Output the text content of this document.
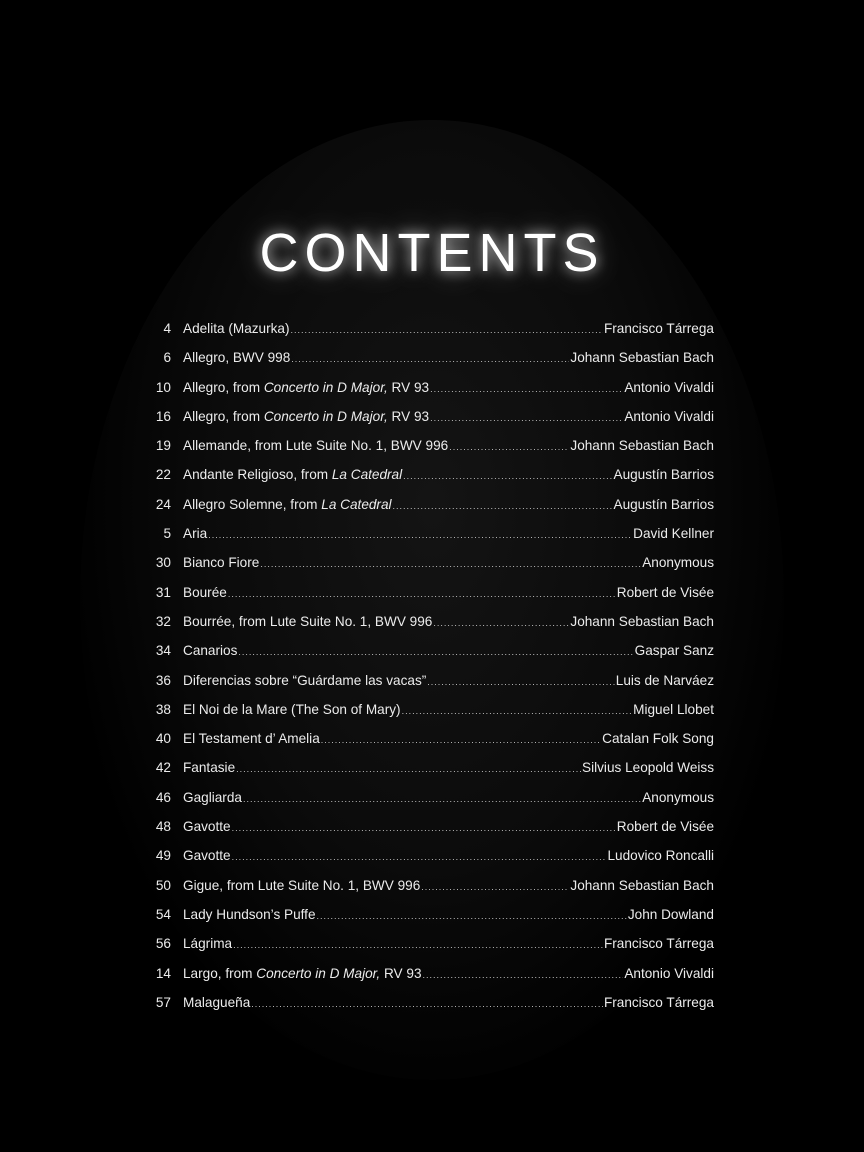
CONTENTS
4 Adelita (Mazurka) .....	Francisco Tárrega
6 Allegro, BWV 998 .....	Johann Sebastian Bach
10 Allegro, from Concerto in D Major, RV 93 .....	Antonio Vivaldi
16 Allegro, from Concerto in D Major, RV 93 .....	Antonio Vivaldi
19 Allemande, from Lute Suite No. 1, BWV 996 .....	Johann Sebastian Bach
22 Andante Religioso, from La Catedral .....	Augustín Barrios
24 Allegro Solemne, from La Catedral .....	Augustín Barrios
5 Aria .....	David Kellner
30 Bianco Fiore .....	Anonymous
31 Bourée .....	Robert de Visée
32 Bourrée, from Lute Suite No. 1, BWV 996 .....	Johann Sebastian Bach
34 Canarios .....	Gaspar Sanz
36 Diferencias sobre “Guárdame las vacas” .....	Luis de Narváez
38 El Noi de la Mare (The Son of Mary) .....	Miguel Llobet
40 El Testament d’ Amelia .....	Catalan Folk Song
42 Fantasie .....	Silvius Leopold Weiss
46 Gagliarda .....	Anonymous
48 Gavotte .....	Robert de Visée
49 Gavotte .....	Ludovico Roncalli
50 Gigue, from Lute Suite No. 1, BWV 996 .....	Johann Sebastian Bach
54 Lady Hundson’s Puffe .....	John Dowland
56 Lágrima .....	Francisco Tárrega
14 Largo, from Concerto in D Major, RV 93 .....	Antonio Vivaldi
57 Malagueña .....	Francisco Tárrega
